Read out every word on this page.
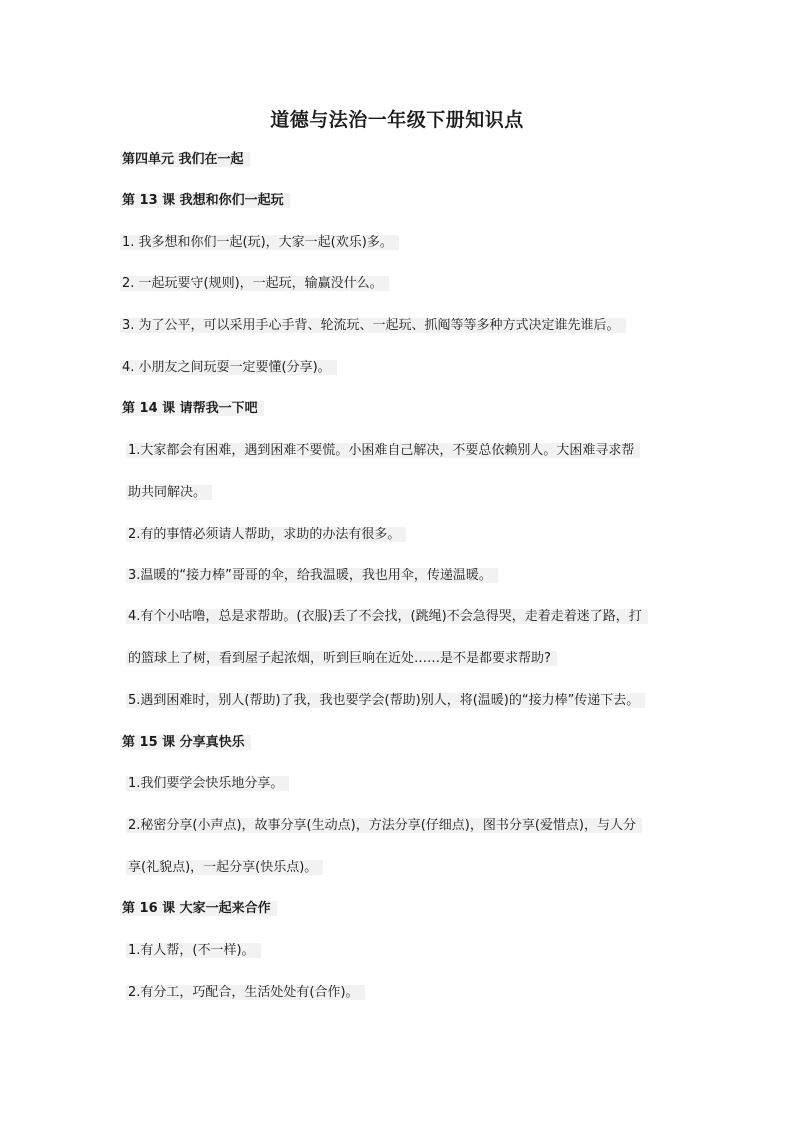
道德与法治一年级下册知识点
第四单元 我们在一起
第 13 课 我想和你们一起玩
1. 我多想和你们一起(玩)，大家一起(欢乐)多。
2. 一起玩要守(规则)，一起玩，输赢没什么。
3. 为了公平，可以采用手心手背、轮流玩、一起玩、抓阄等等多种方式决定谁先谁后。
4. 小朋友之间玩耍一定要懂(分享)。
第 14 课 请帮我一下吧
1.大家都会有困难，遇到困难不要慌。小困难自己解决，不要总依赖别人。大困难寻求帮
助共同解决。
2.有的事情必须请人帮助，求助的办法有很多。
3.温暖的“接力棒”哥哥的伞，给我温暖，我也用伞，传递温暖。
4.有个小咕噜，总是求帮助。(衣服)丢了不会找，(跳绳)不会急得哭，走着走着迷了路，打
的篮球上了树，看到屋子起浓烟，听到巨响在近处……是不是都要求帮助?
5.遇到困难时，别人(帮助)了我，我也要学会(帮助)别人，将(温暖)的“接力棒”传递下去。
第 15 课 分享真快乐
1.我们要学会快乐地分享。
2.秘密分享(小声点)，故事分享(生动点)，方法分享(仔细点)，图书分享(爱惜点)，与人分
享(礼貌点)，一起分享(快乐点)。
第 16 课 大家一起来合作
1.有人帮，(不一样)。
2.有分工，巧配合，生活处处有(合作)。
